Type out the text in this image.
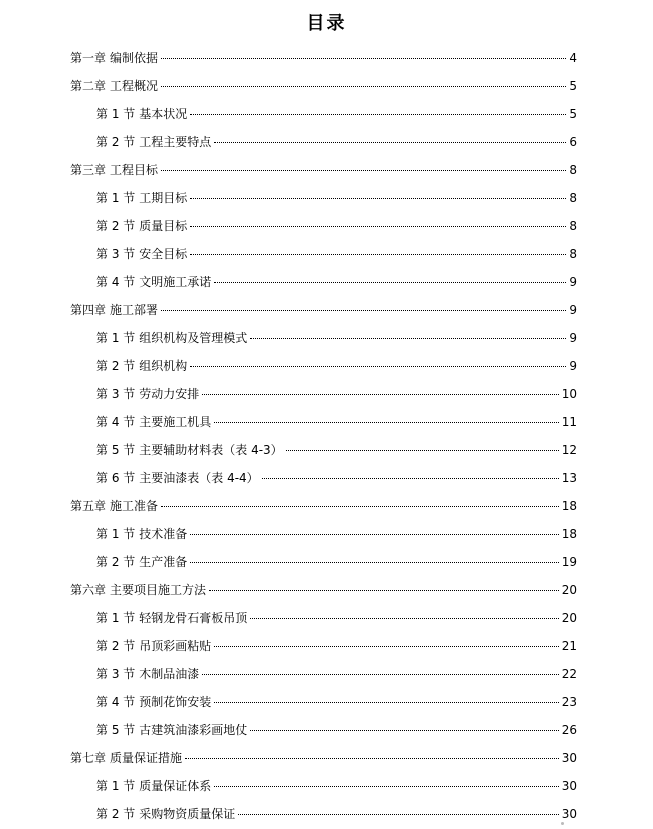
目录
第一章 编制依据	4
第二章 工程概况	5
第 1 节 基本状况	5
第 2 节 工程主要特点	6
第三章 工程目标	8
第 1 节 工期目标	8
第 2 节 质量目标	8
第 3 节 安全目标	8
第 4 节 文明施工承诺	9
第四章 施工部署	9
第 1 节 组织机构及管理模式	9
第 2 节 组织机构	9
第 3 节 劳动力安排	10
第 4 节 主要施工机具	11
第 5 节 主要辅助材料表（表 4-3）	12
第 6 节 主要油漆表（表 4-4）	13
第五章 施工准备	18
第 1 节 技术准备	18
第 2 节 生产准备	19
第六章 主要项目施工方法	20
第 1 节 轻钢龙骨石膏板吊顶	20
第 2 节 吊顶彩画粘贴	21
第 3 节 木制品油漆	22
第 4 节 预制花饰安装	23
第 5 节 古建筑油漆彩画地仗	26
第七章 质量保证措施	30
第 1 节 质量保证体系	30
第 2 节 采购物资质量保证	30
